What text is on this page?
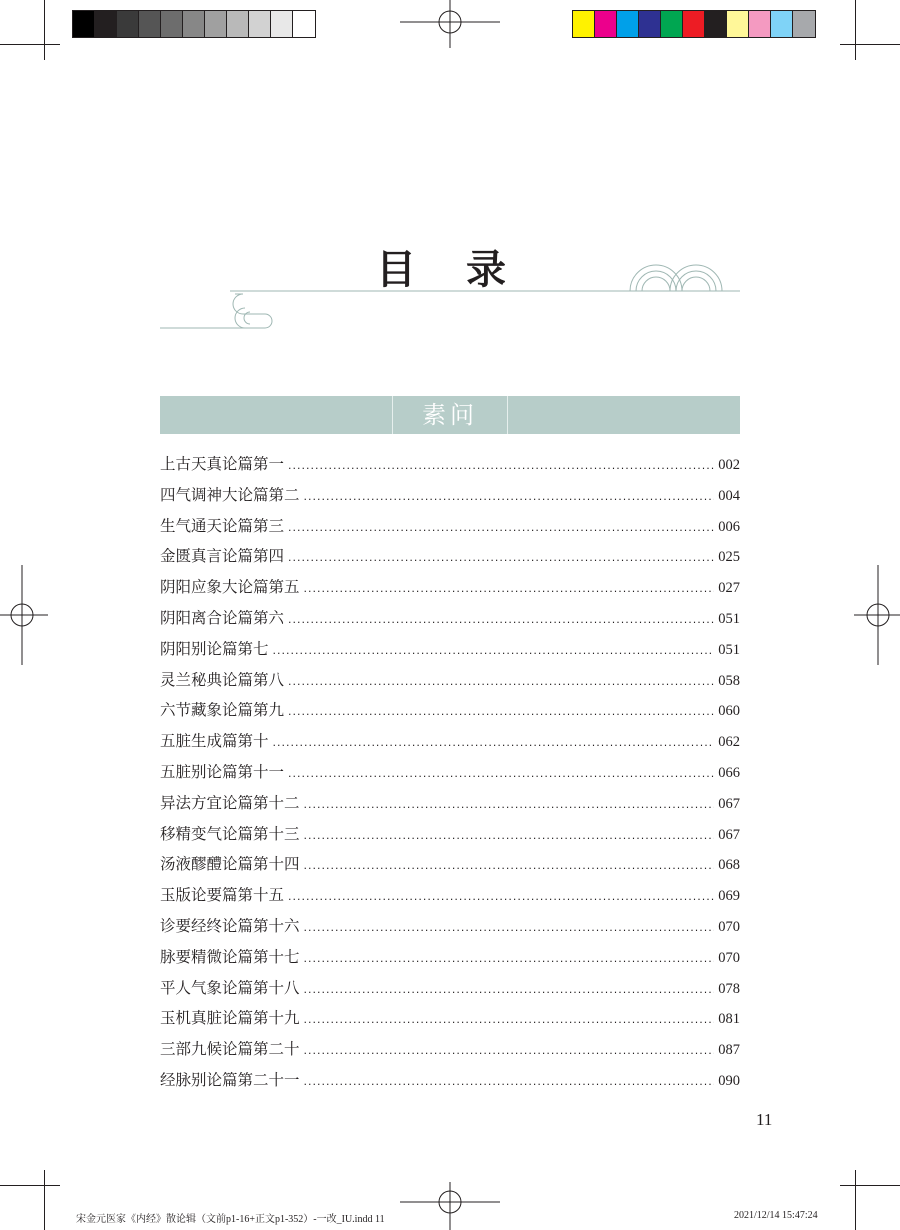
目 录
素问
上古天真论篇第一 .....	002
四气调神大论篇第二 .....	004
生气通天论篇第三 .....	006
金匮真言论篇第四 .....	025
阴阳应象大论篇第五 .....	027
阴阳离合论篇第六 .....	051
阴阳别论篇第七 .....	051
灵兰秘典论篇第八 .....	058
六节藏象论篇第九 .....	060
五脏生成篇第十 .....	062
五脏别论篇第十一 .....	066
异法方宜论篇第十二 .....	067
移精变气论篇第十三 .....	067
汤液醪醴论篇第十四 .....	068
玉版论要篇第十五 .....	069
诊要经终论篇第十六 .....	070
脉要精微论篇第十七 .....	070
平人气象论篇第十八 .....	078
玉机真脏论篇第十九 .....	081
三部九候论篇第二十 .....	087
经脉别论篇第二十一 .....	090
11
宋金元医家《内经》散论辑（文前p1-16+正文p1-352）-一改_IU.indd 11	2021/12/14 15:47:24
